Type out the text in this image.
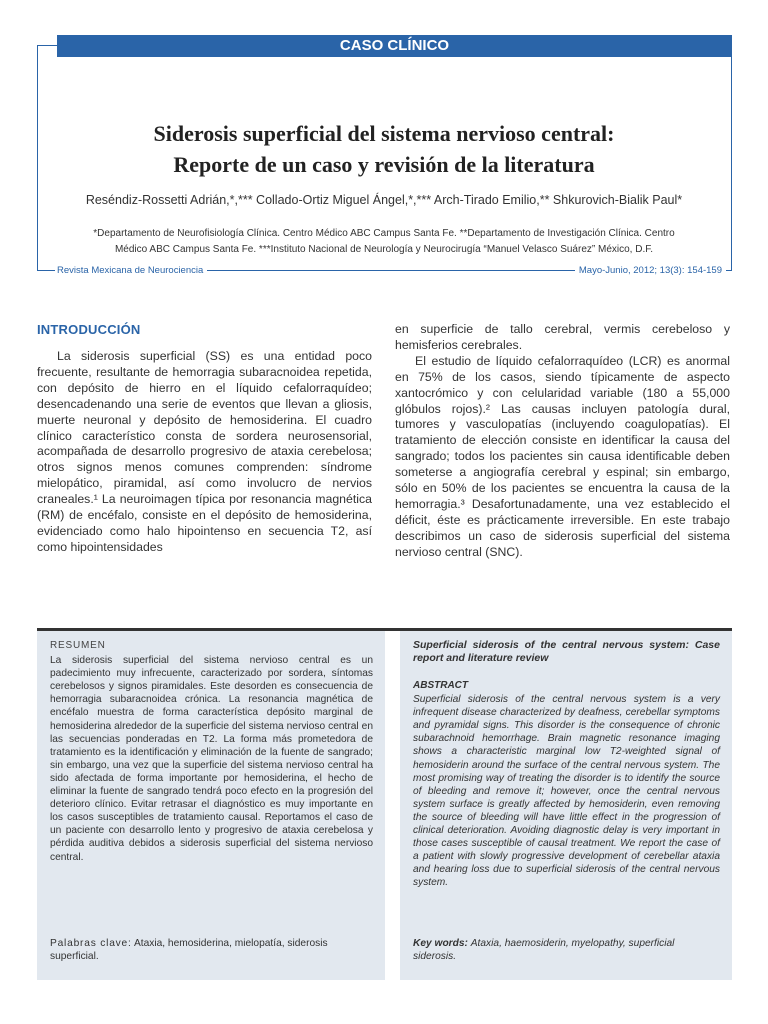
CASO CLÍNICO
Siderosis superficial del sistema nervioso central:
Reporte de un caso y revisión de la literatura
Reséndiz-Rossetti Adrián,*,*** Collado-Ortiz Miguel Ángel,*,*** Arch-Tirado Emilio,** Shkurovich-Bialik Paul*
*Departamento de Neurofisiología Clínica. Centro Médico ABC Campus Santa Fe. **Departamento de Investigación Clínica. Centro
Médico ABC Campus Santa Fe. ***Instituto Nacional de Neurología y Neurocirugía “Manuel Velasco Suárez” México, D.F.
Revista Mexicana de Neurociencia	Mayo-Junio, 2012; 13(3): 154-159
INTRODUCCIÓN

La siderosis superficial (SS) es una entidad poco frecuente, resultante de hemorragia subaracnoidea repetida, con depósito de hierro en el líquido cefalorraquídeo; desencadenando una serie de eventos que llevan a gliosis, muerte neuronal y depósito de hemosiderina. El cuadro clínico característico consta de sordera neurosensorial, acompañada de desarrollo progresivo de ataxia cerebelosa; otros signos menos comunes comprenden: síndrome mielopático, piramidal, así como involucro de nervios craneales.¹ La neuroimagen típica por resonancia magnética (RM) de encéfalo, consiste en el depósito de hemosiderina, evidenciado como halo hipointenso en secuencia T2, así como hipointensidades

en superficie de tallo cerebral, vermis cerebeloso y hemisferios cerebrales.

El estudio de líquido cefalorraquídeo (LCR) es anormal en 75% de los casos, siendo típicamente de aspecto xantocrómico y con celularidad variable (180 a 55,000 glóbulos rojos).² Las causas incluyen patología dural, tumores y vasculopatías (incluyendo coagulopatías). El tratamiento de elección consiste en identificar la causa del sangrado; todos los pacientes sin causa identificable deben someterse a angiografía cerebral y espinal; sin embargo, sólo en 50% de los pacientes se encuentra la causa de la hemorragia.³ Desafortunadamente, una vez establecido el déficit, éste es prácticamente irreversible. En este trabajo describimos un caso de siderosis superficial del sistema nervioso central (SNC).

RESUMEN
La siderosis superficial del sistema nervioso central es un padecimiento muy infrecuente, caracterizado por sordera, síntomas cerebelosos y signos piramidales. Este desorden es consecuencia de hemorragia subaracnoidea crónica. La resonancia magnética de encéfalo muestra de forma característica depósito marginal de hemosiderina alrededor de la superficie del sistema nervioso central en las secuencias ponderadas en T2. La forma más prometedora de tratamiento es la identificación y eliminación de la fuente de sangrado; sin embargo, una vez que la superficie del sistema nervioso central ha sido afectada de forma importante por hemosiderina, el hecho de eliminar la fuente de sangrado tendrá poco efecto en la progresión del deterioro clínico. Evitar retrasar el diagnóstico es muy importante en los casos susceptibles de tratamiento causal. Reportamos el caso de un paciente con desarrollo lento y progresivo de ataxia cerebelosa y pérdida auditiva debidos a siderosis superficial del sistema nervioso central.
Palabras clave: Ataxia, hemosiderina, mielopatía, siderosis superficial.
Superficial siderosis of the central nervous system: Case report and literature review
ABSTRACT
Superficial siderosis of the central nervous system is a very infrequent disease characterized by deafness, cerebellar symptoms and pyramidal signs. This disorder is the consequence of chronic subarachnoid hemorrhage. Brain magnetic resonance imaging shows a characteristic marginal low T2-weighted signal of hemosiderin around the surface of the central nervous system. The most promising way of treating the disorder is to identify the source of bleeding and remove it; however, once the central nervous system surface is greatly affected by hemosiderin, even removing the source of bleeding will have little effect in the progression of clinical deterioration. Avoiding diagnostic delay is very important in those cases susceptible of causal treatment. We report the case of a patient with slowly progressive development of cerebellar ataxia and hearing loss due to superficial siderosis of the central nervous system.
Key words: Ataxia, haemosiderin, myelopathy, superficial siderosis.
